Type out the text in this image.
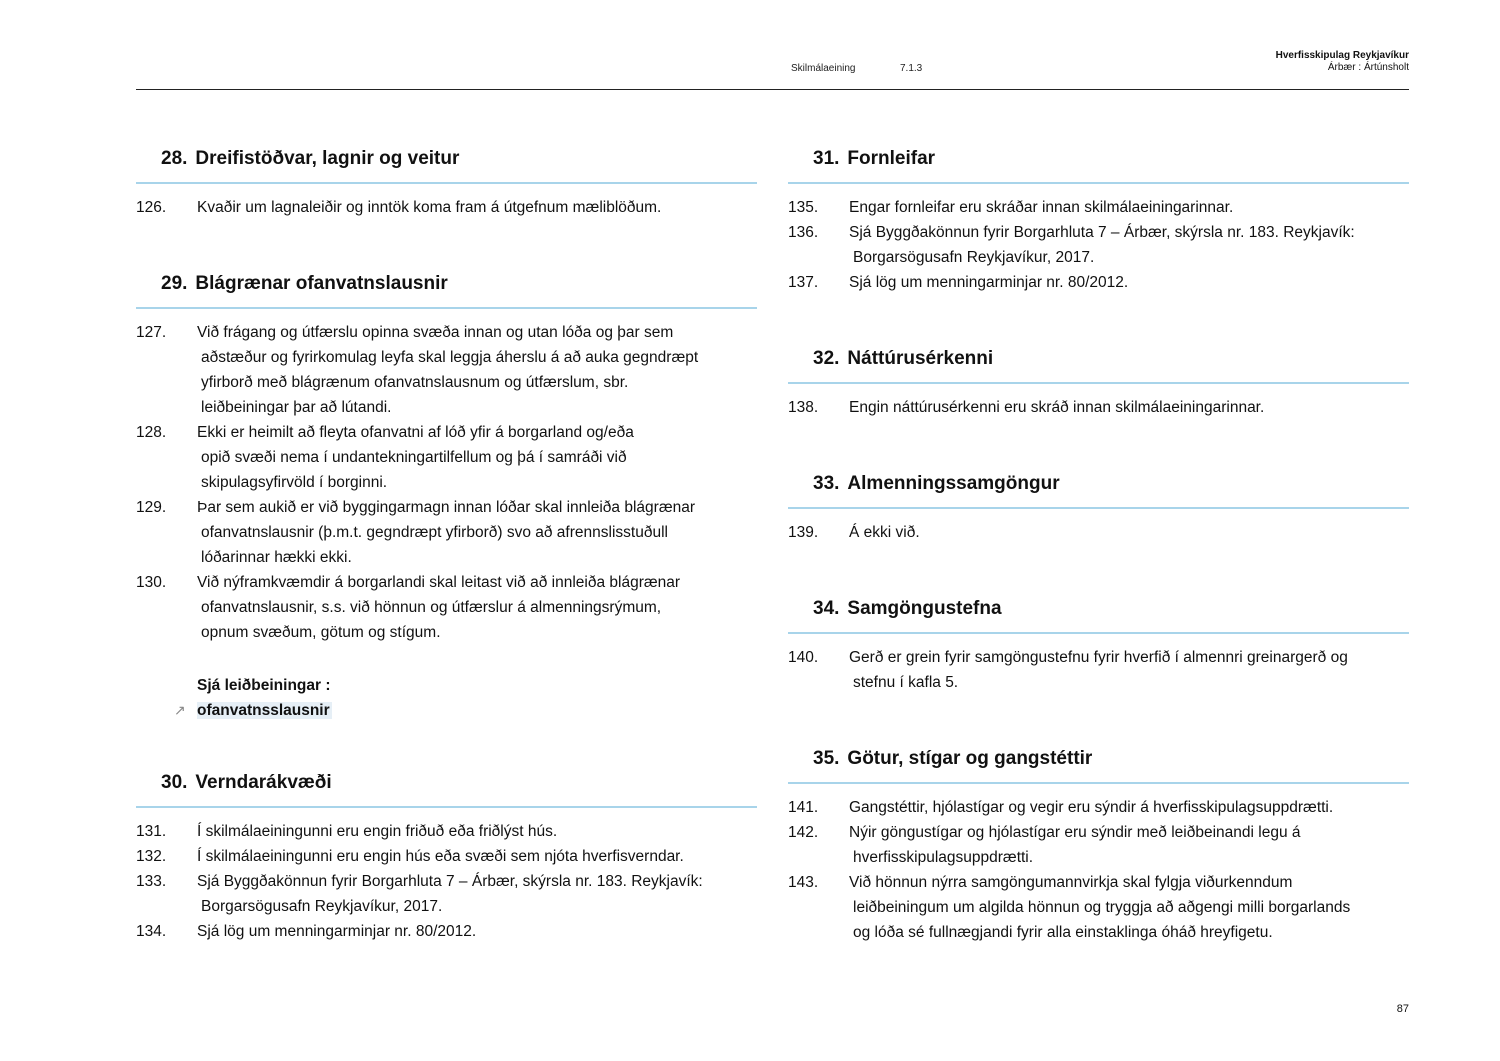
Skilmálaeining	7.1.3
Hverfisskipulag Reykjavíkur
Árbær : Ártúnsholt
28. Dreifistöðvar, lagnir og veitur
126.	Kvaðir um lagnaleiðir og inntök koma fram á útgefnum mæliblöðum.
29. Blágrænar ofanvatnslausnir
127.	Við frágang og útfærslu opinna svæða innan og utan lóða og þar sem
aðstæður og fyrirkomulag leyfa skal leggja áherslu á að auka gegndræpt
yfirborð með blágrænum ofanvatnslausnum og útfærslum, sbr.
leiðbeiningar þar að lútandi.
128.	Ekki er heimilt að fleyta ofanvatni af lóð yfir á borgarland og/eða
opið svæði nema í undantekningartilfellum og þá í samráði við
skipulagsyfirvöld í borginni.
129.	Þar sem aukið er við byggingarmagn innan lóðar skal innleiða blágrænar
ofanvatnslausnir (þ.m.t. gegndræpt yfirborð) svo að afrennslisstuðull
lóðarinnar hækki ekki.
130.	Við nýframkvæmdir á borgarlandi skal leitast við að innleiða blágrænar
ofanvatnslausnir, s.s. við hönnun og útfærslur á almenningsrýmum,
opnum svæðum, götum og stígum.
Sjá leiðbeiningar :
↗ ofanvatnsslausnir
30. Verndarákvæði
131.	Í skilmálaeiningunni eru engin friðuð eða friðlýst hús.
132.	Í skilmálaeiningunni eru engin hús eða svæði sem njóta hverfisverndar.
133.	Sjá Byggðakönnun fyrir Borgarhluta 7 – Árbær, skýrsla nr. 183. Reykjavík:
Borgarsögusafn Reykjavíkur, 2017.
134.	Sjá lög um menningarminjar nr. 80/2012.
31. Fornleifar
135.	Engar fornleifar eru skráðar innan skilmálaeiningarinnar.
136.	Sjá Byggðakönnun fyrir Borgarhluta 7 – Árbær, skýrsla nr. 183. Reykjavík:
Borgarsögusafn Reykjavíkur, 2017.
137.	Sjá lög um menningarminjar nr. 80/2012.
32. Náttúrusérkenni
138.	Engin náttúrusérkenni eru skráð innan skilmálaeiningarinnar.
33. Almenningssamgöngur
139.	Á ekki við.
34. Samgöngustefna
140.	Gerð er grein fyrir samgöngustefnu fyrir hverfið í almennri greinargerð og
stefnu í kafla 5.
35. Götur, stígar og gangstéttir
141.	Gangstéttir, hjólastígar og vegir eru sýndir á hverfisskipulagsuppdrætti.
142.	Nýir göngustígar og hjólastígar eru sýndir með leiðbeinandi legu á
hverfisskipulagsuppdrætti.
143.	Við hönnun nýrra samgöngumannvirkja skal fylgja viðurkenndum
leiðbeiningum um algilda hönnun og tryggja að aðgengi milli borgarlands
og lóða sé fullnægjandi fyrir alla einstaklinga óháð hreyfigetu.
87
